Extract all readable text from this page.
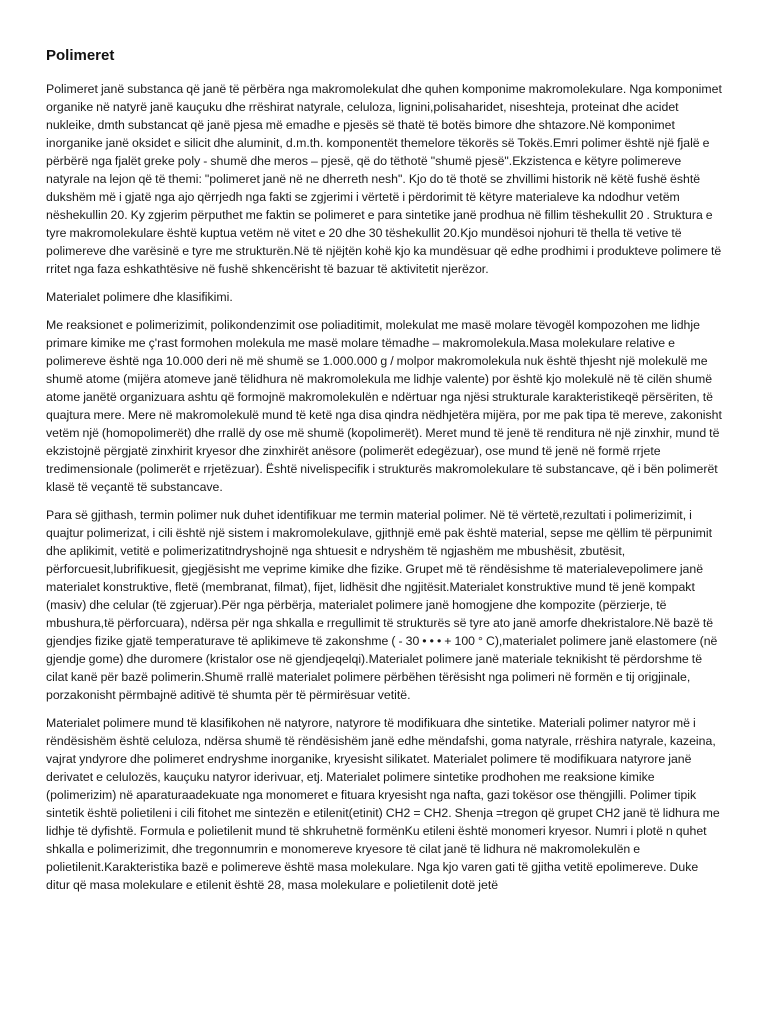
Polimeret

Polimeret janë substanca që janë të përbëra nga makromolekulat dhe quhen komponime makromolekulare. Nga komponimet organike në natyrë janë kauçuku dhe rrëshirat natyrale, celuloza, lignini,polisaharidet, niseshteja, proteinat dhe acidet nukleike, dmth substancat që janë pjesa më emadhe e pjesës së thatë të botës bimore dhe shtazore.Në komponimet inorganike janë oksidet e silicit dhe aluminit, d.m.th. komponentët themelore tëkorës së Tokës.Emri polimer është një fjalë e përbërë nga fjalët greke poly - shumë dhe meros – pjesë, që do tëthotë "shumë pjesë".Ekzistenca e këtyre polimereve natyrale na lejon që të themi: "polimeret janë në ne dherreth nesh". Kjo do të thotë se zhvillimi historik në këtë fushë është dukshëm më i gjatë nga ajo qërrjedh nga fakti se zgjerimi i vërtetë i përdorimit të këtyre materialeve ka ndodhur vetëm nëshekullin 20. Ky zgjerim përputhet me faktin se polimeret e para sintetike janë prodhua në fillim tëshekullit 20 . Struktura e tyre makromolekulare është kuptua vetëm në vitet e 20 dhe 30 tëshekullit 20.Kjo mundësoi njohuri të thella të vetive të polimereve dhe varësinë e tyre me strukturën.Në të njëjtën kohë kjo ka mundësuar që edhe prodhimi i produkteve polimere të rritet nga faza eshkathtësive në fushë shkencërisht të bazuar të aktivitetit njerëzor.

Materialet polimere dhe klasifikimi.

Me reaksionet e polimerizimit, polikondenzimit ose poliaditimit, molekulat me masë molare tëvogël kompozohen me lidhje primare kimike me ç'rast formohen molekula me masë molare tëmadhe – makromolekula.Masa molekulare relative e polimereve është nga 10.000 deri në më shumë se 1.000.000 g / molpor makromolekula nuk është thjesht një molekulë me shumë atome (mijëra atomeve janë tëlidhura në makromolekula me lidhje valente) por është kjo molekulë në të cilën shumë atome janëtë organizuara ashtu që formojnë makromolekulën e ndërtuar nga njësi strukturale karakteristikeqë përsëriten, të quajtura mere. Mere në makromolekulë mund të ketë nga disa qindra nëdhjetëra mijëra, por me pak tipa të mereve, zakonisht vetëm një (homopolimerët) dhe rrallë dy ose më shumë (kopolimerët). Meret mund të jenë të renditura në një zinxhir, mund të ekzistojnë përgjatë zinxhirit kryesor dhe zinxhirët anësore (polimerët edegëzuar), ose mund të jenë në formë rrjete tredimensionale (polimerët e rrjetëzuar). Është nivelispecifik i strukturës makromolekulare të substancave, që i bën polimerët klasë të veçantë të substancave.

Para së gjithash, termin polimer nuk duhet identifikuar me termin material polimer. Në të vërtetë,rezultati i polimerizimit, i quajtur polimerizat, i cili është një sistem i makromolekulave, gjithnjë emë pak është material, sepse me qëllim të përpunimit dhe aplikimit, vetitë e polimerizatitndryshojnë nga shtuesit e ndryshëm të ngjashëm me mbushësit, zbutësit, përforcuesit,lubrifikuesit, gjegjësisht me veprime kimike dhe fizike. Grupet më të rëndësishme të materialevepolimere janë materialet konstruktive, fletë (membranat, filmat), fijet, lidhësit dhe ngjitësit.Materialet konstruktive mund të jenë kompakt (masiv) dhe celular (të zgjeruar).Për nga përbërja, materialet polimere janë homogjene dhe kompozite (përzierje, të mbushura,të përforcuara), ndërsa për nga shkalla e rregullimit të strukturës së tyre ato janë amorfe dhekristalore.Në bazë të gjendjes fizike gjatë temperaturave të aplikimeve të zakonshme ( - 30 • • • + 100 ° C),materialet polimere janë elastomere (në gjendje gome) dhe duromere (kristalor ose në gjendjeqelqi).Materialet polimere janë materiale teknikisht të përdorshme të cilat kanë për bazë polimerin.Shumë rrallë materialet polimere përbëhen tërësisht nga polimeri në formën e tij origjinale, porzakonisht përmbajnë aditivë të shumta për të përmirësuar vetitë.

Materialet polimere mund të klasifikohen në natyrore, natyrore të modifikuara dhe sintetike. Materiali polimer natyror më i rëndësishëm është celuloza, ndërsa shumë të rëndësishëm janë edhe mëndafshi, goma natyrale, rrëshira natyrale, kazeina, vajrat yndyrore dhe polimeret endryshme inorganike, kryesisht silikatet. Materialet polimere të modifikuara natyrore janë derivatet e celulozës, kauçuku natyror iderivuar, etj. Materialet polimere sintetike prodhohen me reaksione kimike (polimerizim) në aparaturaadekuate nga monomeret e fituara kryesisht nga nafta, gazi tokësor ose thëngjilli. Polimer tipik sintetik është polietileni i cili fitohet me sintezën e etilenit(etinit) CH2 = CH2. Shenja =tregon që grupet CH2 janë të lidhura me lidhje të dyfishtë. Formula e polietilenit mund të shkruhetnë formënKu etileni është monomeri kryesor. Numri i plotë n quhet shkalla e polimerizimit, dhe tregonnumrin e monomereve kryesore të cilat janë të lidhura në makromolekulën e polietilenit.Karakteristika bazë e polimereve është masa molekulare. Nga kjo varen gati të gjitha vetitë epolimereve. Duke ditur që masa molekulare e etilenit është 28, masa molekulare e polietilenit dotë jetë
